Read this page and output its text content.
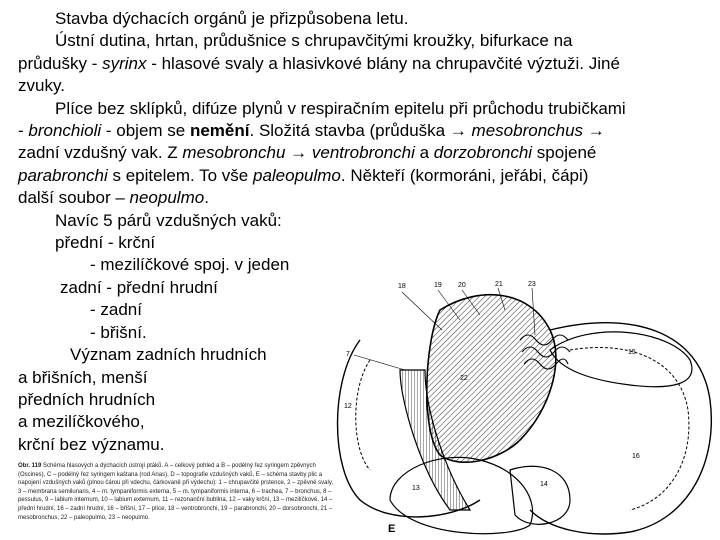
Stavba dýchacích orgánů je přizpůsobena letu.

Ústní dutina, hrtan, průdušnice s chrupavčitými kroužky, bifurkace na průdušky - syrinx - hlasové svaly a hlasivkové blány na chrupavčité výztuži. Jiné zvuky.

Plíce bez sklípků, difúze plynů v respiračním epitelu při průchodu trubičkami - bronchioli - objem se nemění. Složitá stavba (průduška → mesobronchus → zadní vzdušný vak. Z mesobronchu → ventrobronchi a dorzobronchi spojené parabronchi s epitelem. To vše paleopulmo. Někteří (kormoráni, jeřábi, čápi) další soubor – neopulmo.

Navíc 5 párů vzdušných vaků:

přední - krční

- mezilíčkové spoj. v jeden

zadní - přední hrudní

- zadní

- břišní.

Význam zadních hrudních

a břišních, menší

předních hrudních

a mezilíčkového,

krční bez významu.

Obr. 119 Schéma hlasových a dýchacích ústrojí ptáků. A – celkový pohled a B – podélný řez syringem zpěvných (Oscines), C – podélný řez syringem kaštana (rod Anas), D – topografie vzdušných vaků, E – schéma stavby plic a napojení vzdušných vaků (plnou čárou při vdechu, čárkovaně při výdechu): 1 – chrupavčité prstence, 2 – zpěvné svaly, 3 – membrana semilunaris, 4 – m. tympaniformis externa, 5 – m. tympaniformis interna, 6 – trachea, 7 – bronchus, 8 – pessulus, 9 – labium internum, 10 – labium externum, 11 – rezonanční bublina, 12 – vaky krční, 13 – mezilíčkové, 14 – přední hrudní, 16 – zadní hrudní, 16 – břišní, 17 – plíce, 18 – ventrobronchi, 19 – parabronchi, 20 – dorsobronchi, 21 – mesobronchus, 22 – paleopulmo, 23 – neopulmo.
18	19 20	21	23
7	15
22
12
16
13
14
E
